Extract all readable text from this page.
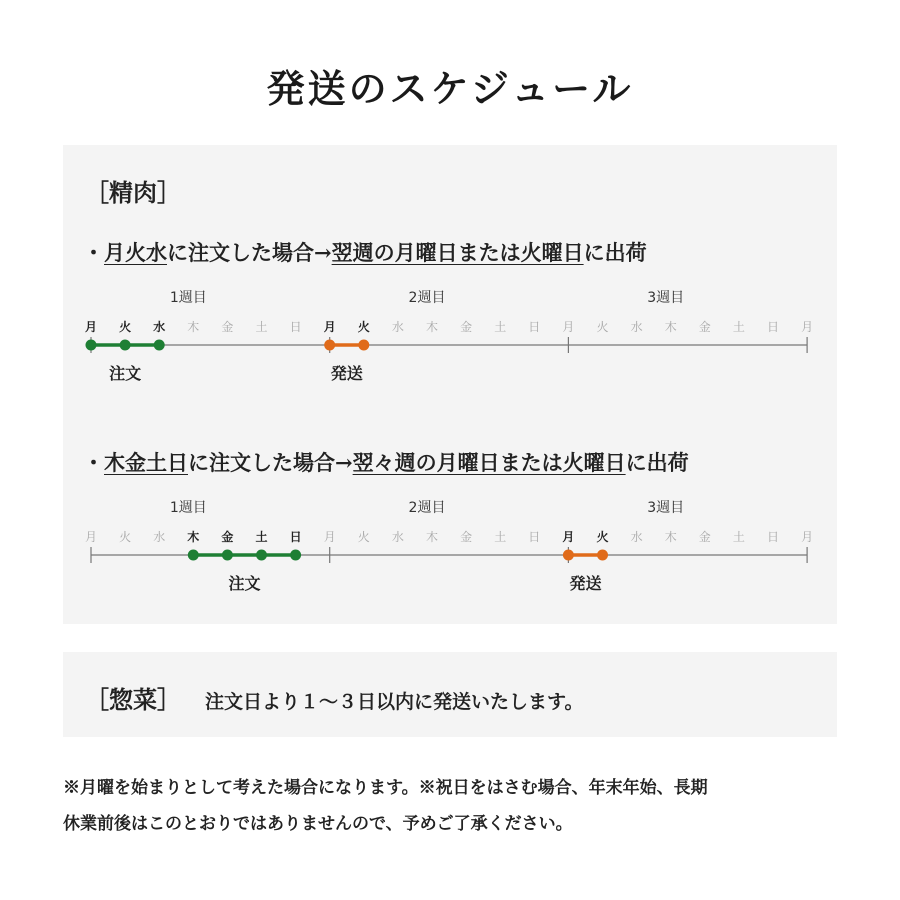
発送のスケジュール
［精肉］
・月火水に注文した場合→翌週の月曜日または火曜日に出荷
1週目	2週目	3週目
月 火 水 木 金 土 日 月 火 水 木 金 土 日 月 火 水 木 金 土 日 月
注文	発送
・木金土日に注文した場合→翌々週の月曜日または火曜日に出荷
1週目	2週目	3週目
月 火 水 木 金 土 日 月 火 水 木 金 土 日 月 火 水 木 金 土 日 月
注文	発送
［惣菜］ 注文日より１～３日以内に発送いたします。
※月曜を始まりとして考えた場合になります。※祝日をはさむ場合、年末年始、長期
休業前後はこのとおりではありませんので、予めご了承ください。
